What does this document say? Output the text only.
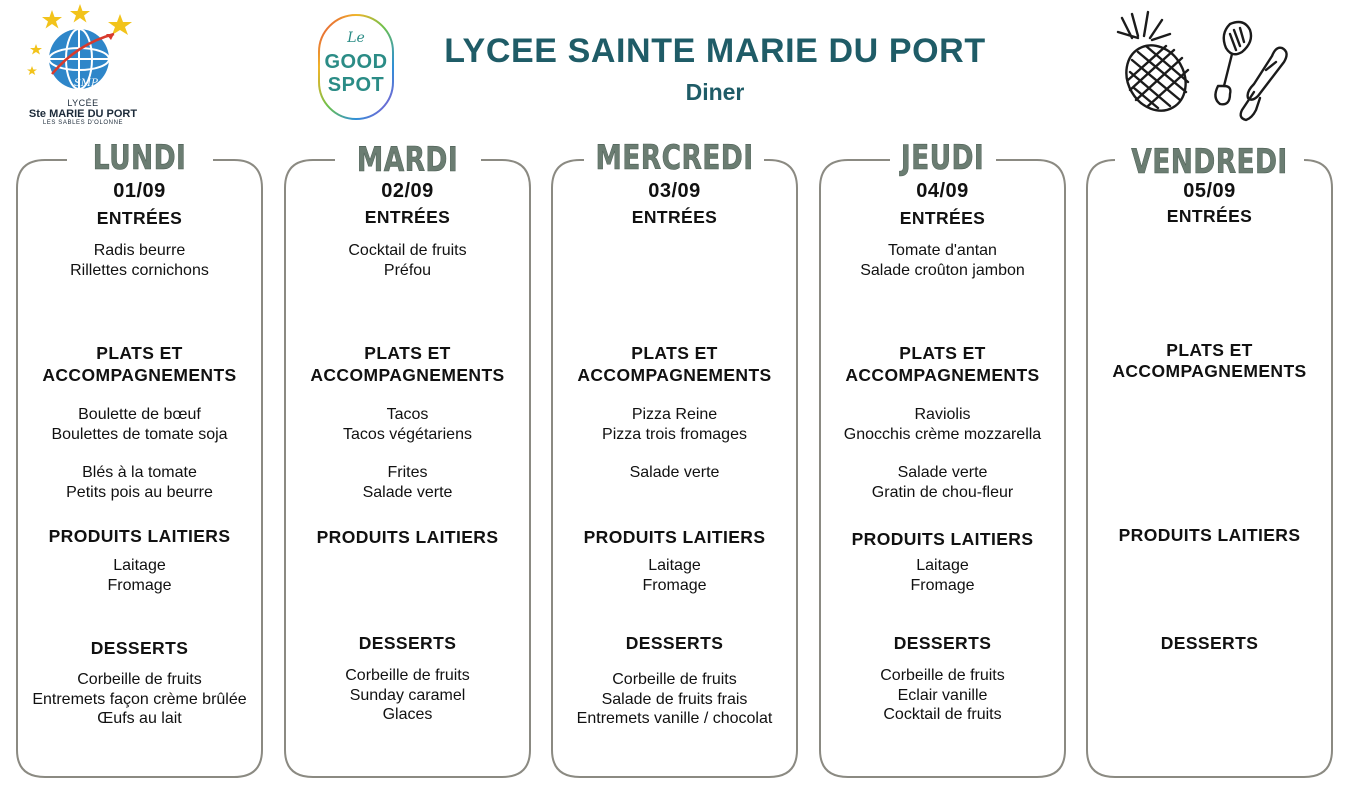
SMP
LYCÉE
Ste MARIE DU PORT
LES SABLES D'OLONNE
Le
GOOD
SPOT
LYCEE SAINTE MARIE DU PORT
Diner
LUNDI
01/09
ENTRÉES
Radis beurre
Rillettes cornichons
PLATS ET
ACCOMPAGNEMENTS
Boulette de bœuf
Boulettes de tomate soja
Blés à la tomate
Petits pois au beurre
PRODUITS LAITIERS
Laitage
Fromage
DESSERTS
Corbeille de fruits
Entremets façon crème brûlée
Œufs au lait
MARDI
02/09
ENTRÉES
Cocktail de fruits
Préfou
PLATS ET
ACCOMPAGNEMENTS
Tacos
Tacos végétariens
Frites
Salade verte
PRODUITS LAITIERS
DESSERTS
Corbeille de fruits
Sunday caramel
Glaces
MERCREDI
03/09
ENTRÉES
PLATS ET
ACCOMPAGNEMENTS
Pizza Reine
Pizza trois fromages
Salade verte
PRODUITS LAITIERS
Laitage
Fromage
DESSERTS
Corbeille de fruits
Salade de fruits frais
Entremets vanille / chocolat
JEUDI
04/09
ENTRÉES
Tomate d'antan
Salade croûton jambon
PLATS ET
ACCOMPAGNEMENTS
Raviolis
Gnocchis crème mozzarella
Salade verte
Gratin de chou-fleur
PRODUITS LAITIERS
Laitage
Fromage
DESSERTS
Corbeille de fruits
Eclair vanille
Cocktail de fruits
VENDREDI
05/09
ENTRÉES
PLATS ET
ACCOMPAGNEMENTS
PRODUITS LAITIERS
DESSERTS
